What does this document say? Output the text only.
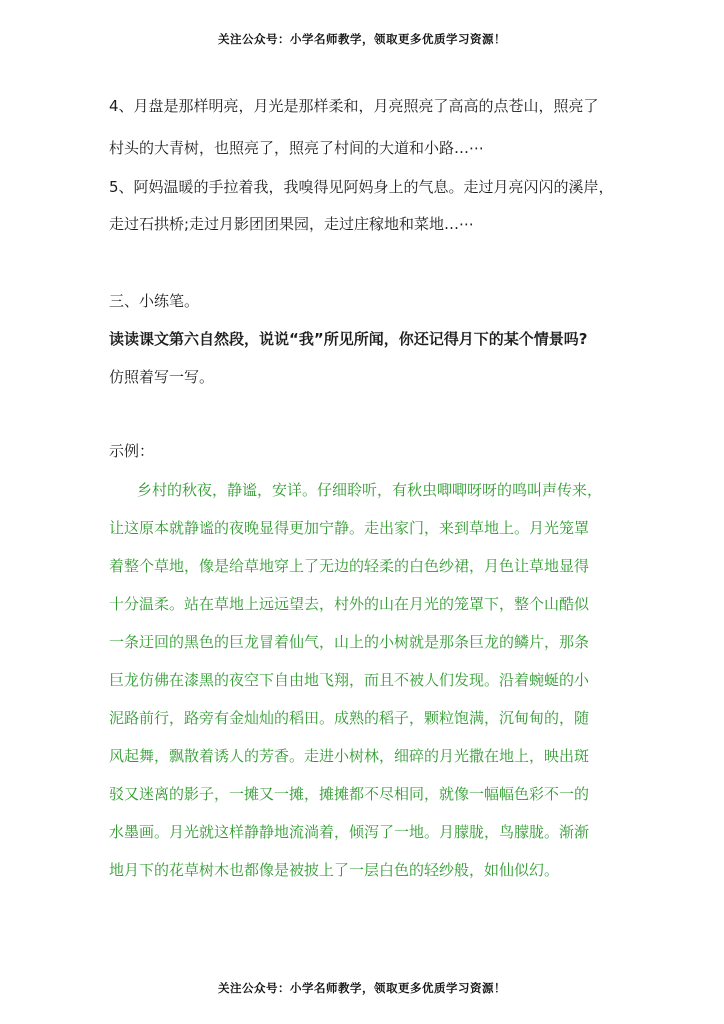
关注公众号：小学名师教学，领取更多优质学习资源！
4、月盘是那样明亮，月光是那样柔和，月亮照亮了高高的点苍山，照亮了
村头的大青树，也照亮了，照亮了村间的大道和小路…⋯
5、阿妈温暖的手拉着我，我嗅得见阿妈身上的气息。走过月亮闪闪的溪岸，
走过石拱桥;走过月影团团果园，走过庄稼地和菜地…⋯
三、小练笔。
读读课文第六自然段，说说“我”所见所闻，你还记得月下的某个情景吗?
仿照着写一写。
示例：
乡村的秋夜，静谧，安详。仔细聆听，有秋虫唧唧呀呀的鸣叫声传来，
让这原本就静谧的夜晚显得更加宁静。走出家门，来到草地上。月光笼罩
着整个草地，像是给草地穿上了无边的轻柔的白色纱裙，月色让草地显得
十分温柔。站在草地上远远望去，村外的山在月光的笼罩下，整个山酷似
一条迂回的黑色的巨龙冒着仙气，山上的小树就是那条巨龙的鳞片，那条
巨龙仿佛在漆黑的夜空下自由地飞翔，而且不被人们发现。沿着蜿蜒的小
泥路前行，路旁有金灿灿的稻田。成熟的稻子，颗粒饱满，沉甸甸的，随
风起舞，飘散着诱人的芳香。走进小树林，细碎的月光撒在地上，映出斑
驳又迷离的影子，一摊又一摊，摊摊都不尽相同，就像一幅幅色彩不一的
水墨画。月光就这样静静地流淌着，倾泻了一地。月朦胧，鸟朦胧。渐渐
地月下的花草树木也都像是被披上了一层白色的轻纱般，如仙似幻。
关注公众号：小学名师教学，领取更多优质学习资源！
